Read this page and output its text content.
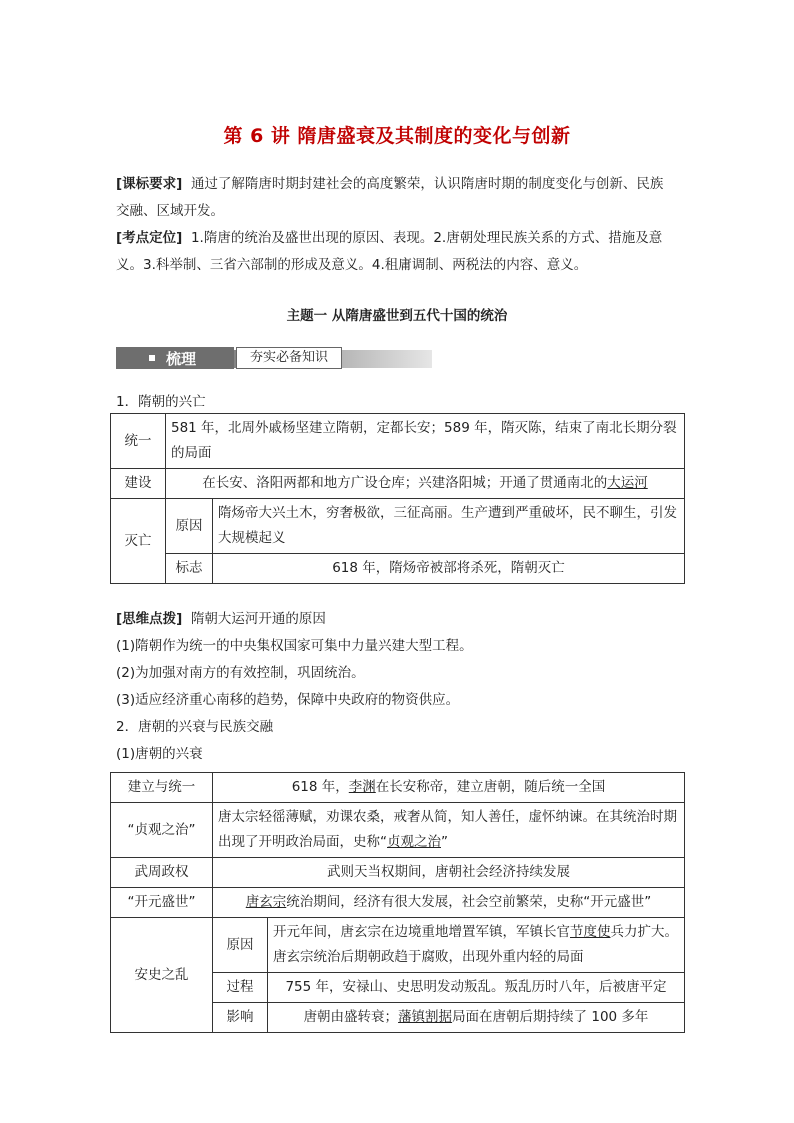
第 6 讲 隋唐盛衰及其制度的变化与创新
[课标要求] 通过了解隋唐时期封建社会的高度繁荣，认识隋唐时期的制度变化与创新、民族
交融、区域开发。
[考点定位] 1.隋唐的统治及盛世出现的原因、表现。2.唐朝处理民族关系的方式、措施及意
义。3.科举制、三省六部制的形成及意义。4.租庸调制、两税法的内容、意义。
主题一 从隋唐盛世到五代十国的统治
梳理	夯实必备知识
1．隋朝的兴亡
统一	581 年，北周外戚杨坚建立隋朝，定都长安；589 年，隋灭陈，结束了南北长期分裂的局面	
建设	在长安、洛阳两都和地方广设仓库；兴建洛阳城；开通了贯通南北的大运河	
灭亡	原因	隋炀帝大兴土木，穷奢极欲，三征高丽。生产遭到严重破坏，民不聊生，引发大规模起义
	标志	618 年，隋炀帝被部将杀死，隋朝灭亡
[思维点拨] 隋朝大运河开通的原因
(1)隋朝作为统一的中央集权国家可集中力量兴建大型工程。
(2)为加强对南方的有效控制，巩固统治。
(3)适应经济重心南移的趋势，保障中央政府的物资供应。
2．唐朝的兴衰与民族交融
(1)唐朝的兴衰
建立与统一	618 年，李渊在长安称帝，建立唐朝，随后统一全国	
“贞观之治”	唐太宗轻徭薄赋，劝课农桑，戒奢从简，知人善任，虚怀纳谏。在其统治时期出现了开明政治局面，史称“贞观之治”	
武周政权	武则天当权期间，唐朝社会经济持续发展	
“开元盛世”	唐玄宗统治期间，经济有很大发展，社会空前繁荣，史称“开元盛世”	
安史之乱	原因	开元年间，唐玄宗在边境重地增置军镇，军镇长官节度使兵力扩大。唐玄宗统治后期朝政趋于腐败，出现外重内轻的局面
	过程	755 年，安禄山、史思明发动叛乱。叛乱历时八年，后被唐平定
	影响	唐朝由盛转衰；藩镇割据局面在唐朝后期持续了 100 多年
